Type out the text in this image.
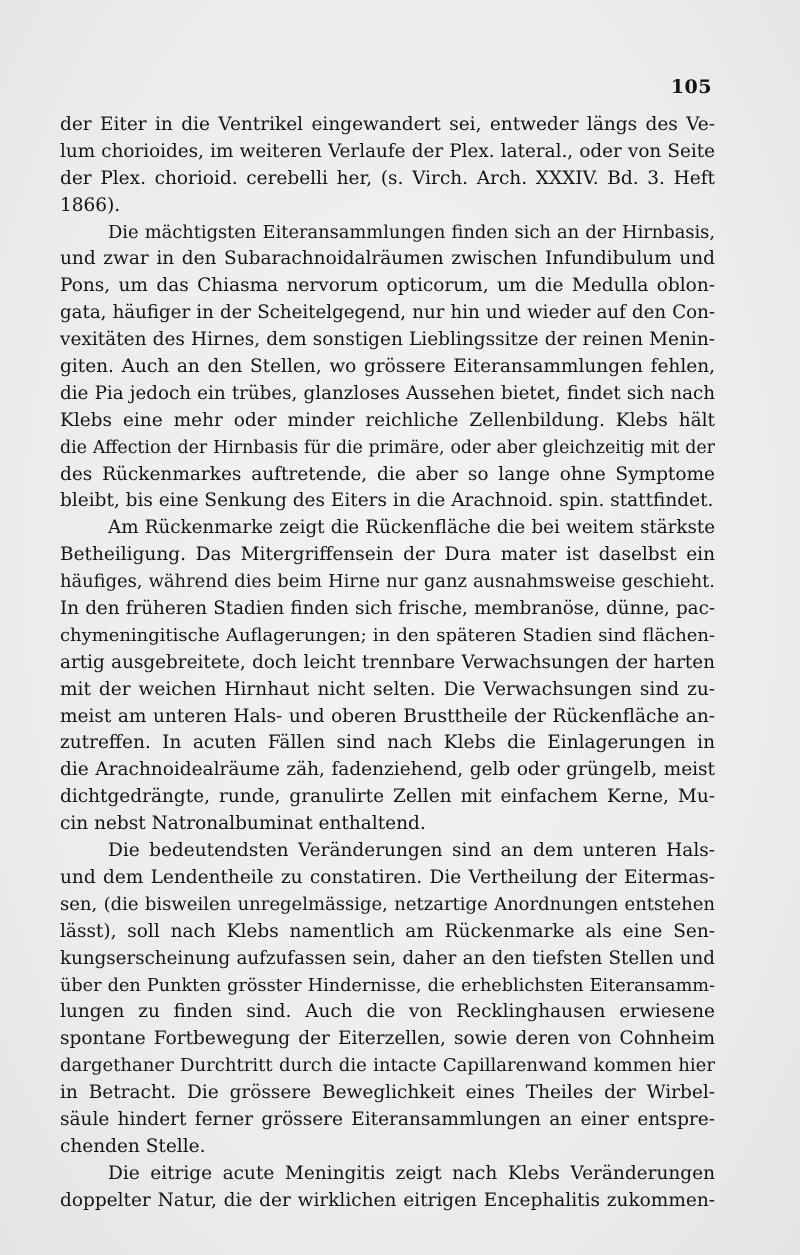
105
der Eiter in die Ventrikel eingewandert sei, entweder längs des Ve-
lum chorioides, im weiteren Verlaufe der Plex. lateral., oder von Seite
der Plex. chorioid. cerebelli her, (s. Virch. Arch. XXXIV. Bd. 3. Heft
1866).
Die mächtigsten Eiteransammlungen finden sich an der Hirnbasis,
und zwar in den Subarachnoidalräumen zwischen Infundibulum und
Pons, um das Chiasma nervorum opticorum, um die Medulla oblon-
gata, häufiger in der Scheitelgegend, nur hin und wieder auf den Con-
vexitäten des Hirnes, dem sonstigen Lieblingssitze der reinen Menin-
giten. Auch an den Stellen, wo grössere Eiteransammlungen fehlen,
die Pia jedoch ein trübes, glanzloses Aussehen bietet, findet sich nach
Klebs eine mehr oder minder reichliche Zellenbildung. Klebs hält
die Affection der Hirnbasis für die primäre, oder aber gleichzeitig mit der
des Rückenmarkes auftretende, die aber so lange ohne Symptome
bleibt, bis eine Senkung des Eiters in die Arachnoid. spin. stattfindet.
Am Rückenmarke zeigt die Rückenfläche die bei weitem stärkste
Betheiligung. Das Mitergriffensein der Dura mater ist daselbst ein
häufiges, während dies beim Hirne nur ganz ausnahmsweise geschieht.
In den früheren Stadien finden sich frische, membranöse, dünne, pac-
chymeningitische Auflagerungen; in den späteren Stadien sind flächen-
artig ausgebreitete, doch leicht trennbare Verwachsungen der harten
mit der weichen Hirnhaut nicht selten. Die Verwachsungen sind zu-
meist am unteren Hals- und oberen Brusttheile der Rückenfläche an-
zutreffen. In acuten Fällen sind nach Klebs die Einlagerungen in
die Arachnoidealräume zäh, fadenziehend, gelb oder grüngelb, meist
dichtgedrängte, runde, granulirte Zellen mit einfachem Kerne, Mu-
cin nebst Natronalbuminat enthaltend.
Die bedeutendsten Veränderungen sind an dem unteren Hals-
und dem Lendentheile zu constatiren. Die Vertheilung der Eitermas-
sen, (die bisweilen unregelmässige, netzartige Anordnungen entstehen
lässt), soll nach Klebs namentlich am Rückenmarke als eine Sen-
kungserscheinung aufzufassen sein, daher an den tiefsten Stellen und
über den Punkten grösster Hindernisse, die erheblichsten Eiteransamm-
lungen zu finden sind. Auch die von Recklinghausen erwiesene
spontane Fortbewegung der Eiterzellen, sowie deren von Cohnheim
dargethaner Durchtritt durch die intacte Capillarenwand kommen hier
in Betracht. Die grössere Beweglichkeit eines Theiles der Wirbel-
säule hindert ferner grössere Eiteransammlungen an einer entspre-
chenden Stelle.
Die eitrige acute Meningitis zeigt nach Klebs Veränderungen
doppelter Natur, die der wirklichen eitrigen Encephalitis zukommen-
